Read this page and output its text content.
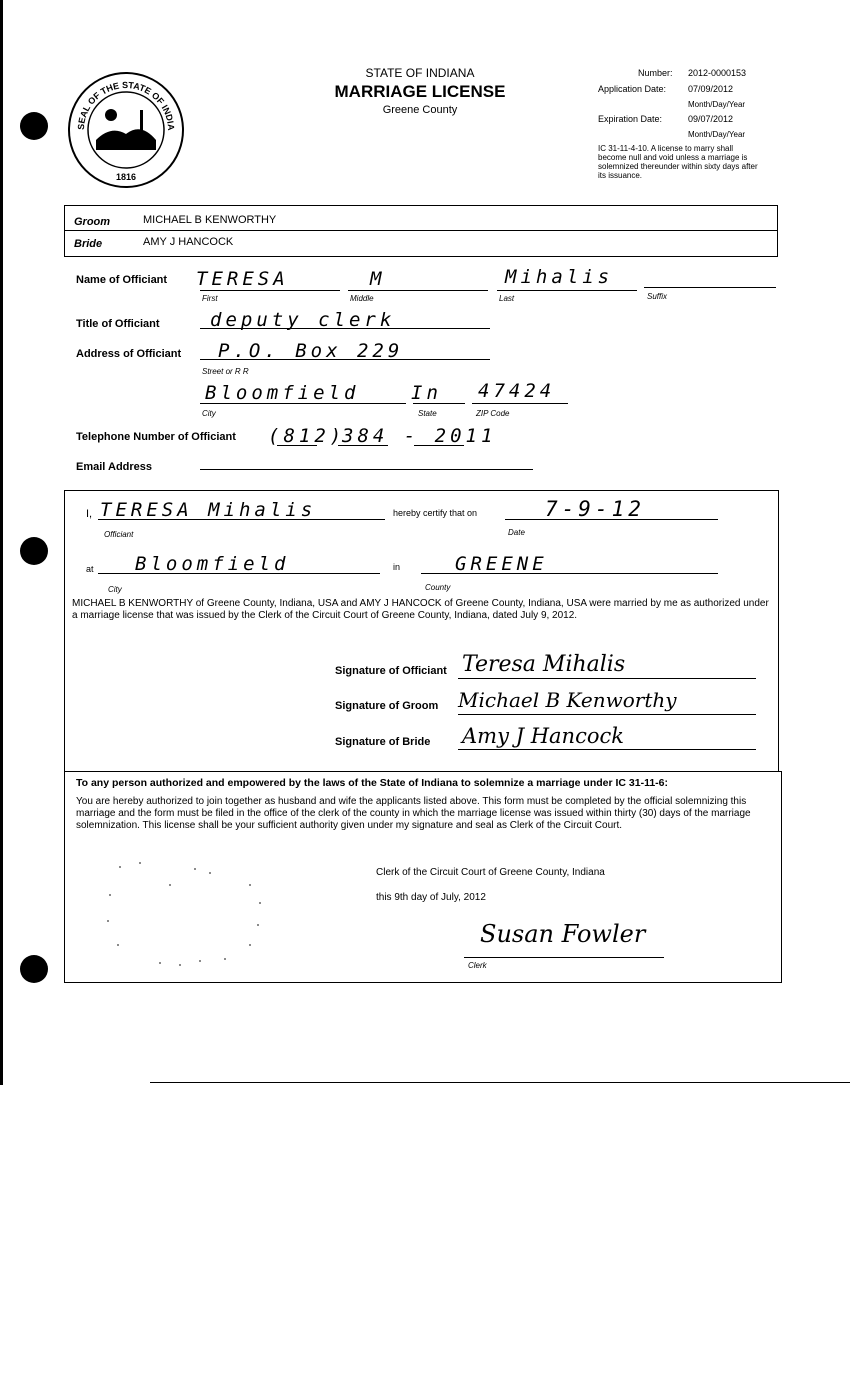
SEAL OF THE STATE OF INDIA
1816
STATE OF INDIANA
MARRIAGE LICENSE
Greene County
Number: 2012-0000153
Application Date: 07/09/2012
Month/Day/Year
Expiration Date:	09/07/2012
Month/Day/Year
IC 31-11-4-10. A license to marry shall become null and void unless a marriage is solemnized thereunder within sixty days after its issuance.
Groom	MICHAEL B KENWORTHY
Bride	AMY J HANCOCK
Name of Officiant TERESA	M	Mihalis
First	Middle	Last	Suffix
Title of Officiant	deputy clerk
Address of Officiant P.O. Box 229
Street or R R
Bloomfield	In 47424
City	State	ZIP Code
Telephone Number of Officiant (812)
384 - 2011
Email Address
I, TERESA Mihalis
Officiant
hereby certify that on	7-9-12
Date
at Bloomfield
City
in	GREENE
County
MICHAEL B KENWORTHY of Greene County, Indiana, USA and AMY J HANCOCK of Greene County, Indiana, USA were married by me as authorized under a marriage license that was issued by the Clerk of the Circuit Court of Greene County, Indiana, dated July 9, 2012.
Signature of Officiant Teresa Mihalis
Signature of Groom Michael B Kenworthy
Signature of Bride Amy J Hancock
To any person authorized and empowered by the laws of the State of Indiana to solemnize a marriage under IC 31-11-6:
You are hereby authorized to join together as husband and wife the applicants listed above. This form must be completed by the official solemnizing this marriage and the form must be filed in the office of the clerk of the county in which the marriage license was issued within thirty (30) days of the marriage solemnization. This license shall be your sufficient authority given under my signature and seal as Clerk of the Circuit Court.
Clerk of the Circuit Court of Greene County, Indiana
this 9th day of July, 2012
Susan Fowler
Clerk
